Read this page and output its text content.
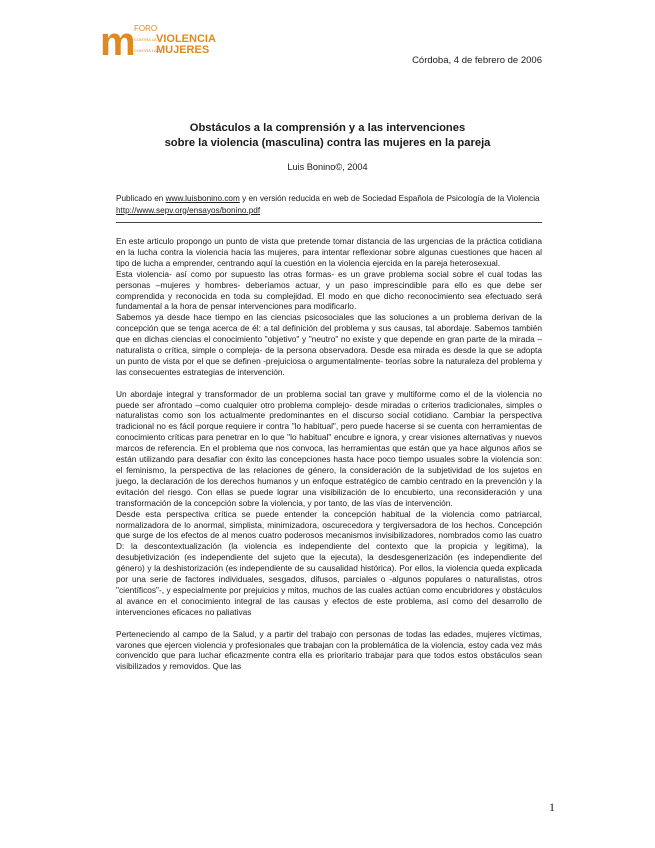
m
FORO
CONTRA LA VIOLENCIA
CONTRA LAS
MUJERES
Córdoba, 4 de febrero de 2006
Obstáculos a la comprensión y a las intervenciones
sobre la violencia (masculina) contra las mujeres en la pareja
Luis Bonino©, 2004
Publicado en www.luisbonino.com y en versión reducida en web de Sociedad Española de Psicología de la Violencia http://www.sepv.org/ensayos/bonino.pdf

En este articulo propongo un punto de vista que pretende tomar distancia de las urgencias de la práctica cotidiana en la lucha contra la violencia hacia las mujeres, para intentar reflexionar sobre algunas cuestiones que hacen al tipo de lucha a emprender, centrando aquí la cuestión en la violencia ejercida en la pareja heterosexual.

Esta violencia- así como por supuesto las otras formas- es un grave problema social sobre el cual todas las personas –mujeres y hombres- deberíamos actuar, y un paso imprescindible para ello es que debe ser comprendida y reconocida en toda su complejidad. El modo en que dicho reconocimiento sea efectuado será fundamental a la hora de pensar intervenciones para modificarlo.

Sabemos ya desde hace tiempo en las ciencias psicosociales que las soluciones a un problema derivan de la concepción que se tenga acerca de él: a tal definición del problema y sus causas, tal abordaje. Sabemos también que en dichas ciencias el conocimiento "objetivo" y "neutro" no existe y que depende en gran parte de la mirada –naturalista o crítica, simple o compleja- de la persona observadora. Desde esa mirada es desde la que se adopta un punto de vista por el que se definen -prejuiciosa o argumentalmente- teorías sobre la naturaleza del problema y las consecuentes estrategias de intervención.

Un abordaje integral y transformador de un problema social tan grave y multiforme como el de la violencia no puede ser afrontado –como cualquier otro problema complejo- desde miradas o criterios tradicionales, simples o naturalistas como son los actualmente predominantes en el discurso social cotidiano. Cambiar la perspectiva tradicional no es fácil porque requiere ir contra "lo habitual", pero puede hacerse si se cuenta con herramientas de conocimiento críticas para penetrar en lo que "lo habitual" encubre e ignora, y crear visiones alternativas y nuevos marcos de referencia. En el problema que nos convoca, las herramientas que están que ya hace algunos años se están utilizando para desafiar con éxito las concepciones hasta hace poco tiempo usuales sobre la violencia son: el feminismo, la perspectiva de las relaciones de género, la consideración de la subjetividad de los sujetos en juego, la declaración de los derechos humanos y un enfoque estratégico de cambio centrado en la prevención y la evitación del riesgo. Con ellas se puede lograr una visibilización de lo encubierto, una reconsideración y una transformación de la concepción sobre la violencia, y por tanto, de las vías de intervención.

Desde esta perspectiva crítica se puede entender la concepción habitual de la violencia como patriarcal, normalizadora de lo anormal, simplista, minimizadora, oscurecedora y tergiversadora de los hechos. Concepción que surge de los efectos de al menos cuatro poderosos mecanismos invisibilizadores, nombrados como las cuatro D: la descontextualización (la violencia es independiente del contexto que la propicia y legitima), la desubjetivización (es independiente del sujeto que la ejecuta), la desdesgenerización (es independiente del género) y la deshistorización (es independiente de su causalidad histórica). Por ellos, la violencia queda explicada por una serie de factores individuales, sesgados, difusos, parciales o -algunos populares o naturalistas, otros "científicos"-, y especialmente por prejuicios y mitos, muchos de las cuales actúan como encubridores y obstáculos al avance en el conocimiento integral de las causas y efectos de este problema, así como del desarrollo de intervenciones eficaces no paliativas

Perteneciendo al campo de la Salud, y a partir del trabajo con personas de todas las edades, mujeres víctimas, varones que ejercen violencia y profesionales que trabajan con la problemática de la violencia, estoy cada vez más convencido que para luchar eficazmente contra ella es prioritario trabajar para que todos estos obstáculos sean visibilizados y removidos. Que las

1
